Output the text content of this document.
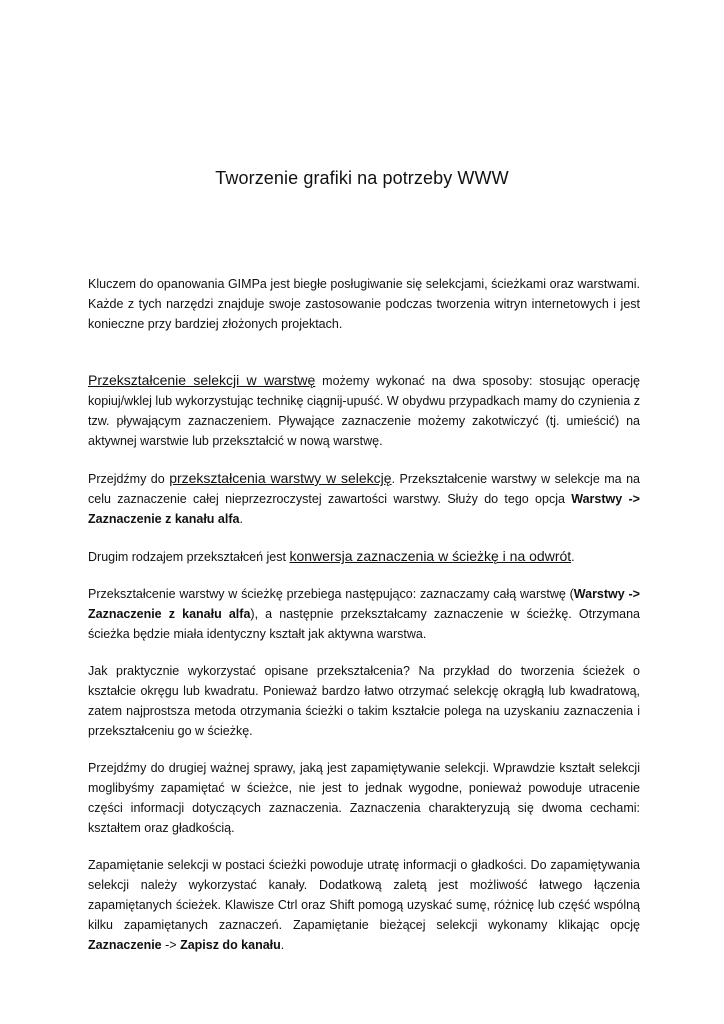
Tworzenie grafiki na potrzeby WWW

Kluczem do opanowania GIMPa jest biegłe posługiwanie się selekcjami, ścieżkami oraz warstwami. Każde z tych narzędzi znajduje swoje zastosowanie podczas tworzenia witryn internetowych i jest konieczne przy bardziej złożonych projektach.

Przekształcenie selekcji w warstwę możemy wykonać na dwa sposoby: stosując operację kopiuj/wklej lub wykorzystując technikę ciągnij-upuść. W obydwu przypadkach mamy do czynienia z tzw. pływającym zaznaczeniem. Pływające zaznaczenie możemy zakotwiczyć (tj. umieścić) na aktywnej warstwie lub przekształcić w nową warstwę.

Przejdźmy do przekształcenia warstwy w selekcję. Przekształcenie warstwy w selekcje ma na celu zaznaczenie całej nieprzezroczystej zawartości warstwy. Służy do tego opcja Warstwy -> Zaznaczenie z kanału alfa.

Drugim rodzajem przekształceń jest konwersja zaznaczenia w ścieżkę i na odwrót.

Przekształcenie warstwy w ścieżkę przebiega następująco: zaznaczamy całą warstwę (Warstwy -> Zaznaczenie z kanału alfa), a następnie przekształcamy zaznaczenie w ścieżkę. Otrzymana ścieżka będzie miała identyczny kształt jak aktywna warstwa.

Jak praktycznie wykorzystać opisane przekształcenia? Na przykład do tworzenia ścieżek o kształcie okręgu lub kwadratu. Ponieważ bardzo łatwo otrzymać selekcję okrągłą lub kwadratową, zatem najprostsza metoda otrzymania ścieżki o takim kształcie polega na uzyskaniu zaznaczenia i przekształceniu go w ścieżkę.

Przejdźmy do drugiej ważnej sprawy, jaką jest zapamiętywanie selekcji. Wprawdzie kształt selekcji moglibyśmy zapamiętać w ścieżce, nie jest to jednak wygodne, ponieważ powoduje utracenie części informacji dotyczących zaznaczenia. Zaznaczenia charakteryzują się dwoma cechami: kształtem oraz gładkością.

Zapamiętanie selekcji w postaci ścieżki powoduje utratę informacji o gładkości. Do zapamiętywania selekcji należy wykorzystać kanały. Dodatkową zaletą jest możliwość łatwego łączenia zapamiętanych ścieżek. Klawisze Ctrl oraz Shift pomogą uzyskać sumę, różnicę lub część wspólną kilku zapamiętanych zaznaczeń. Zapamiętanie bieżącej selekcji wykonamy klikając opcję Zaznaczenie -> Zapisz do kanału.
